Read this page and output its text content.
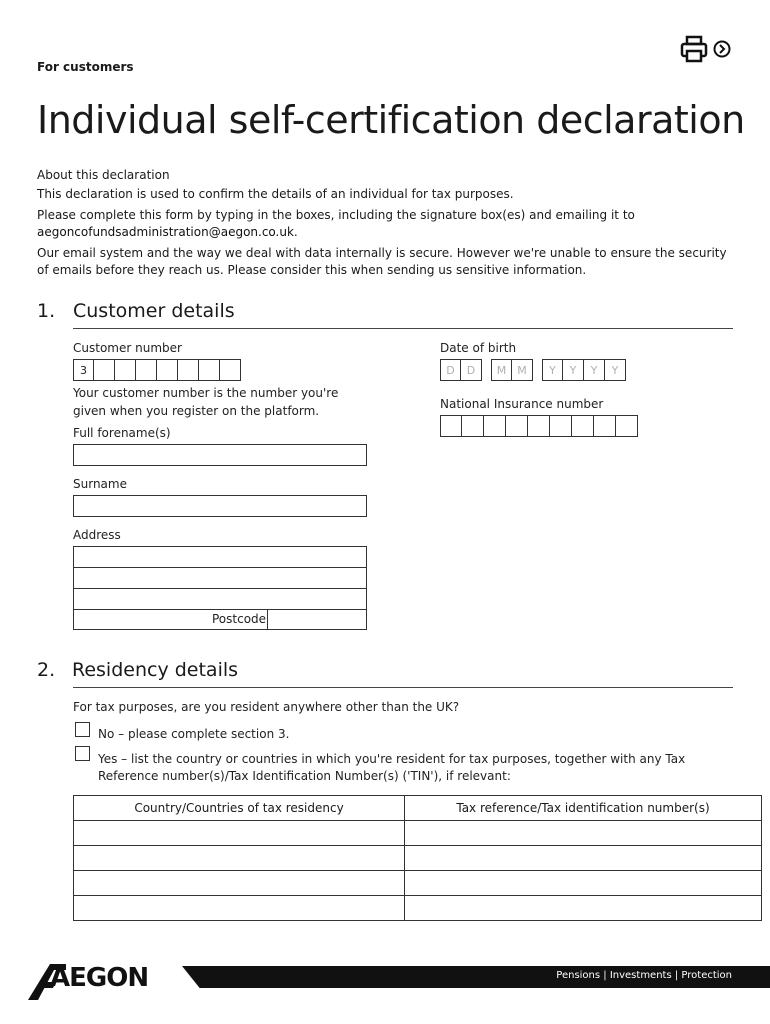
For customers
Individual self-certification declaration
About this declaration
This declaration is used to confirm the details of an individual for tax purposes.
Please complete this form by typing in the boxes, including the signature box(es) and emailing it to
aegoncofundsadministration@aegon.co.uk.
Our email system and the way we deal with data internally is secure. However we're unable to ensure the security of emails before they reach us. Please consider this when sending us sensitive information.
1. Customer details
Customer number
3
Your customer number is the number you're given when you register on the platform.
Date of birth
D	D	M	M	Y	Y	Y	Y
National Insurance number
Full forename(s)
Surname
Address
Postcode
2. Residency details
For tax purposes, are you resident anywhere other than the UK?
No – please complete section 3.
Yes – list the country or countries in which you're resident for tax purposes, together with any Tax Reference number(s)/Tax Identification Number(s) ('TIN'), if relevant:
Country/Countries of tax residency	Tax reference/Tax identification number(s)

AEGON	Pensions | Investments | Protection
